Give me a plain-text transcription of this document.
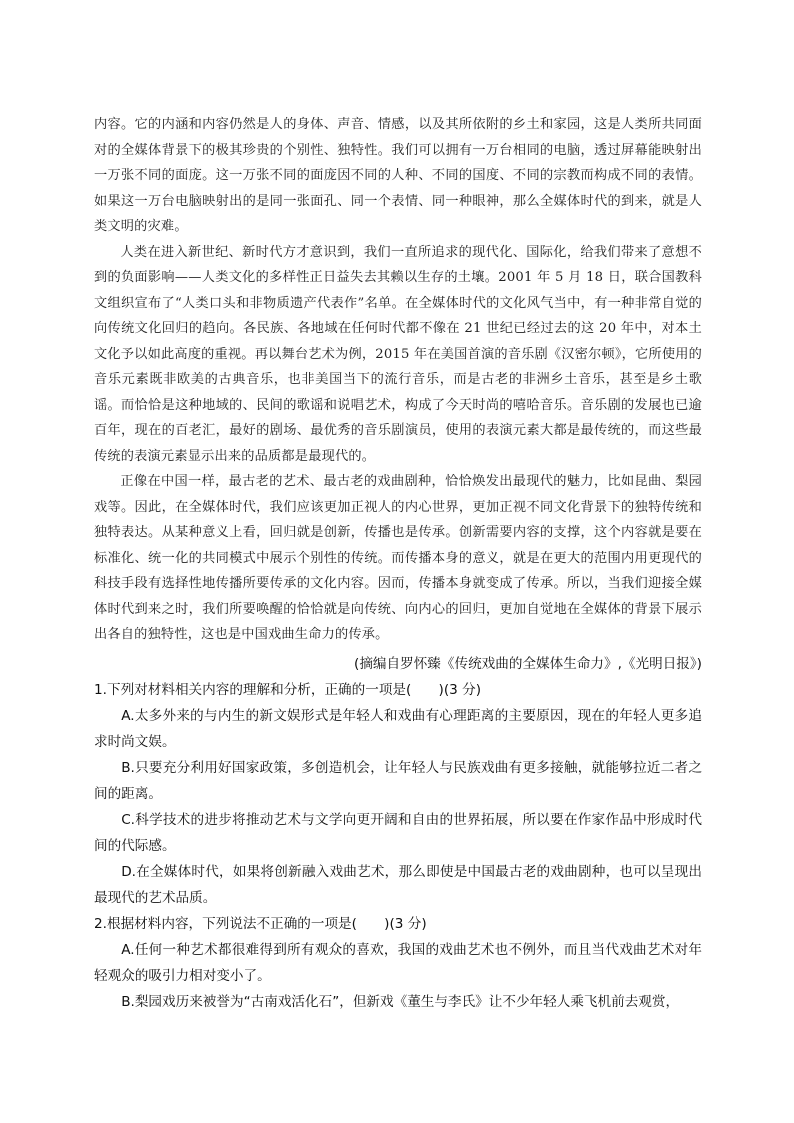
内容。它的内涵和内容仍然是人的身体、声音、情感，以及其所依附的乡土和家园，这是人类所共同面对的全媒体背景下的极其珍贵的个别性、独特性。我们可以拥有一万台相同的电脑，透过屏幕能映射出一万张不同的面庞。这一万张不同的面庞因不同的人种、不同的国度、不同的宗教而构成不同的表情。如果这一万台电脑映射出的是同一张面孔、同一个表情、同一种眼神，那么全媒体时代的到来，就是人类文明的灾难。

人类在进入新世纪、新时代方才意识到，我们一直所追求的现代化、国际化，给我们带来了意想不到的负面影响——人类文化的多样性正日益失去其赖以生存的土壤。2001 年 5 月 18 日，联合国教科文组织宣布了“人类口头和非物质遗产代表作”名单。在全媒体时代的文化风气当中，有一种非常自觉的向传统文化回归的趋向。各民族、各地域在任何时代都不像在 21 世纪已经过去的这 20 年中，对本土文化予以如此高度的重视。再以舞台艺术为例，2015 年在美国首演的音乐剧《汉密尔顿》，它所使用的音乐元素既非欧美的古典音乐，也非美国当下的流行音乐，而是古老的非洲乡土音乐，甚至是乡土歌谣。而恰恰是这种地域的、民间的歌谣和说唱艺术，构成了今天时尚的嘻哈音乐。音乐剧的发展也已逾百年，现在的百老汇，最好的剧场、最优秀的音乐剧演员，使用的表演元素大都是最传统的，而这些最传统的表演元素显示出来的品质都是最现代的。

正像在中国一样，最古老的艺术、最古老的戏曲剧种，恰恰焕发出最现代的魅力，比如昆曲、梨园戏等。因此，在全媒体时代，我们应该更加正视人的内心世界，更加正视不同文化背景下的独特传统和独特表达。从某种意义上看，回归就是创新，传播也是传承。创新需要内容的支撑，这个内容就是要在标准化、统一化的共同模式中展示个别性的传统。而传播本身的意义，就是在更大的范围内用更现代的科技手段有选择性地传播所要传承的文化内容。因而，传播本身就变成了传承。所以，当我们迎接全媒体时代到来之时，我们所要唤醒的恰恰就是向传统、向内心的回归，更加自觉地在全媒体的背景下展示出各自的独特性，这也是中国戏曲生命力的传承。

(摘编自罗怀臻《传统戏曲的全媒体生命力》,《光明日报》)

1.下列对材料相关内容的理解和分析，正确的一项是(　　)(3 分)

A.太多外来的与内生的新文娱形式是年轻人和戏曲有心理距离的主要原因，现在的年轻人更多追求时尚文娱。

B.只要充分利用好国家政策，多创造机会，让年轻人与民族戏曲有更多接触，就能够拉近二者之间的距离。

C.科学技术的进步将推动艺术与文学向更开阔和自由的世界拓展，所以要在作家作品中形成时代间的代际感。

D.在全媒体时代，如果将创新融入戏曲艺术，那么即使是中国最古老的戏曲剧种，也可以呈现出最现代的艺术品质。

2.根据材料内容，下列说法不正确的一项是(　　)(3 分)

A.任何一种艺术都很难得到所有观众的喜欢，我国的戏曲艺术也不例外，而且当代戏曲艺术对年轻观众的吸引力相对变小了。

B.梨园戏历来被誉为“古南戏活化石”，但新戏《董生与李氏》让不少年轻人乘飞机前去观赏，
